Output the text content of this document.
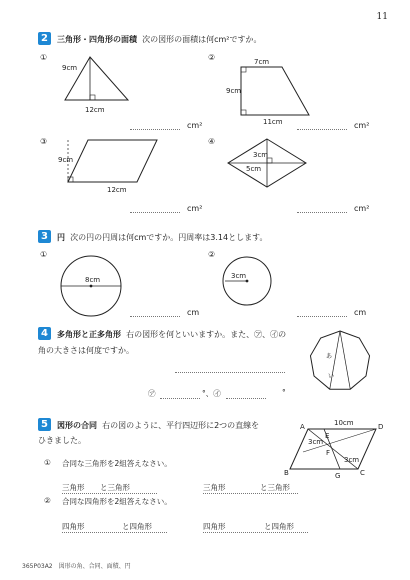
11
2	三角形・四角形の面積 次の図形の面積は何cm²ですか。
①
9cm
12cm
cm²
②	7cm
9cm
11cm	cm²
③
9cm
12cm
cm²
④
3cm
5cm
cm²
3	円 次の円の円周は何cmですか。円周率は3.14とします。
①
8cm
cm
②
3cm
cm
4	多角形と正多角形 右の図形を何といいますか。また、㋐、㋑の
角の大きさは何度ですか。
あ
い
㋐	°、㋑	°
5	図形の合同 右の図のように、平行四辺形に2つの直線を
ひきました。
A	D
B	C
E
F
G
10cm
3cm
3cm
① 合同な三角形を2組答えなさい。
三角形 と三角形	三角形	と三角形
② 合同な四角形を2組答えなさい。
四角形	と四角形	四角形	と四角形
365P03A2　図形の角、合同、面積、円
